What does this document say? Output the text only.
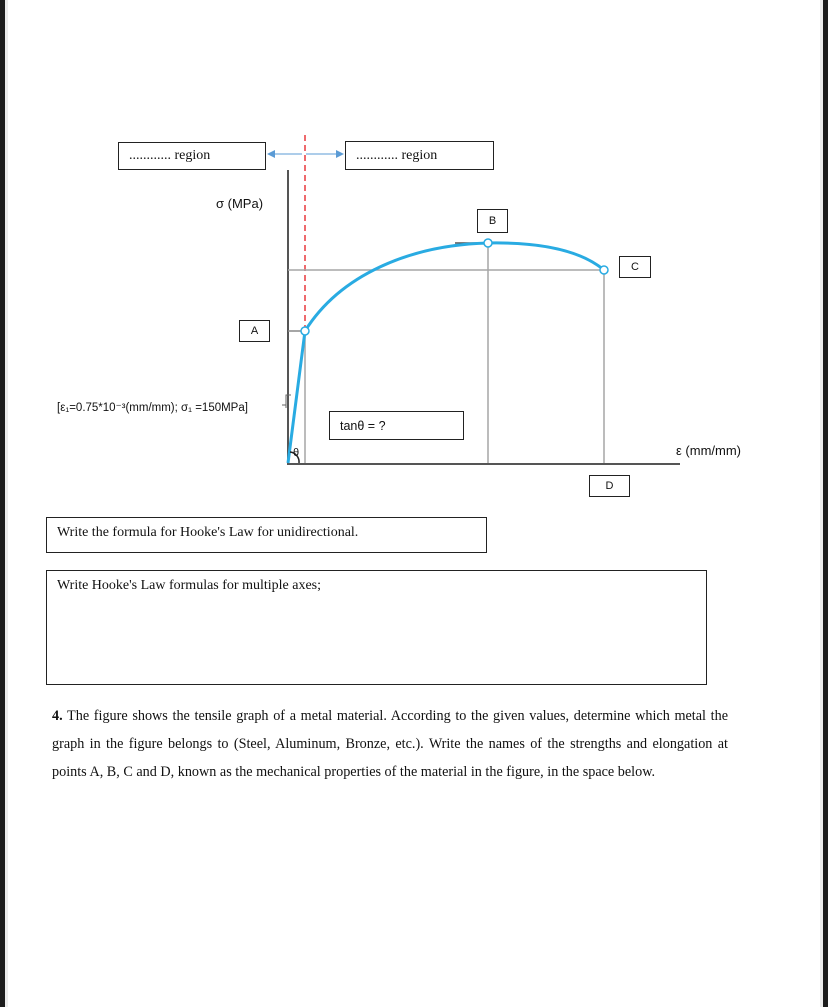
............ region	............ region
σ (MPa)
ε (mm/mm)
θ
B
C
A
D
[ε₁=0.75*10⁻³(mm/mm); σ₁ =150MPa]
tanθ = ?
Write the formula for Hooke's Law for unidirectional.
Write Hooke's Law formulas for multiple axes;
4. The figure shows the tensile graph of a metal material. According to the given values, determine which metal the graph in the figure belongs to (Steel, Aluminum, Bronze, etc.). Write the names of the strengths and elongation at points A, B, C and D, known as the mechanical properties of the material in the figure, in the space below.
